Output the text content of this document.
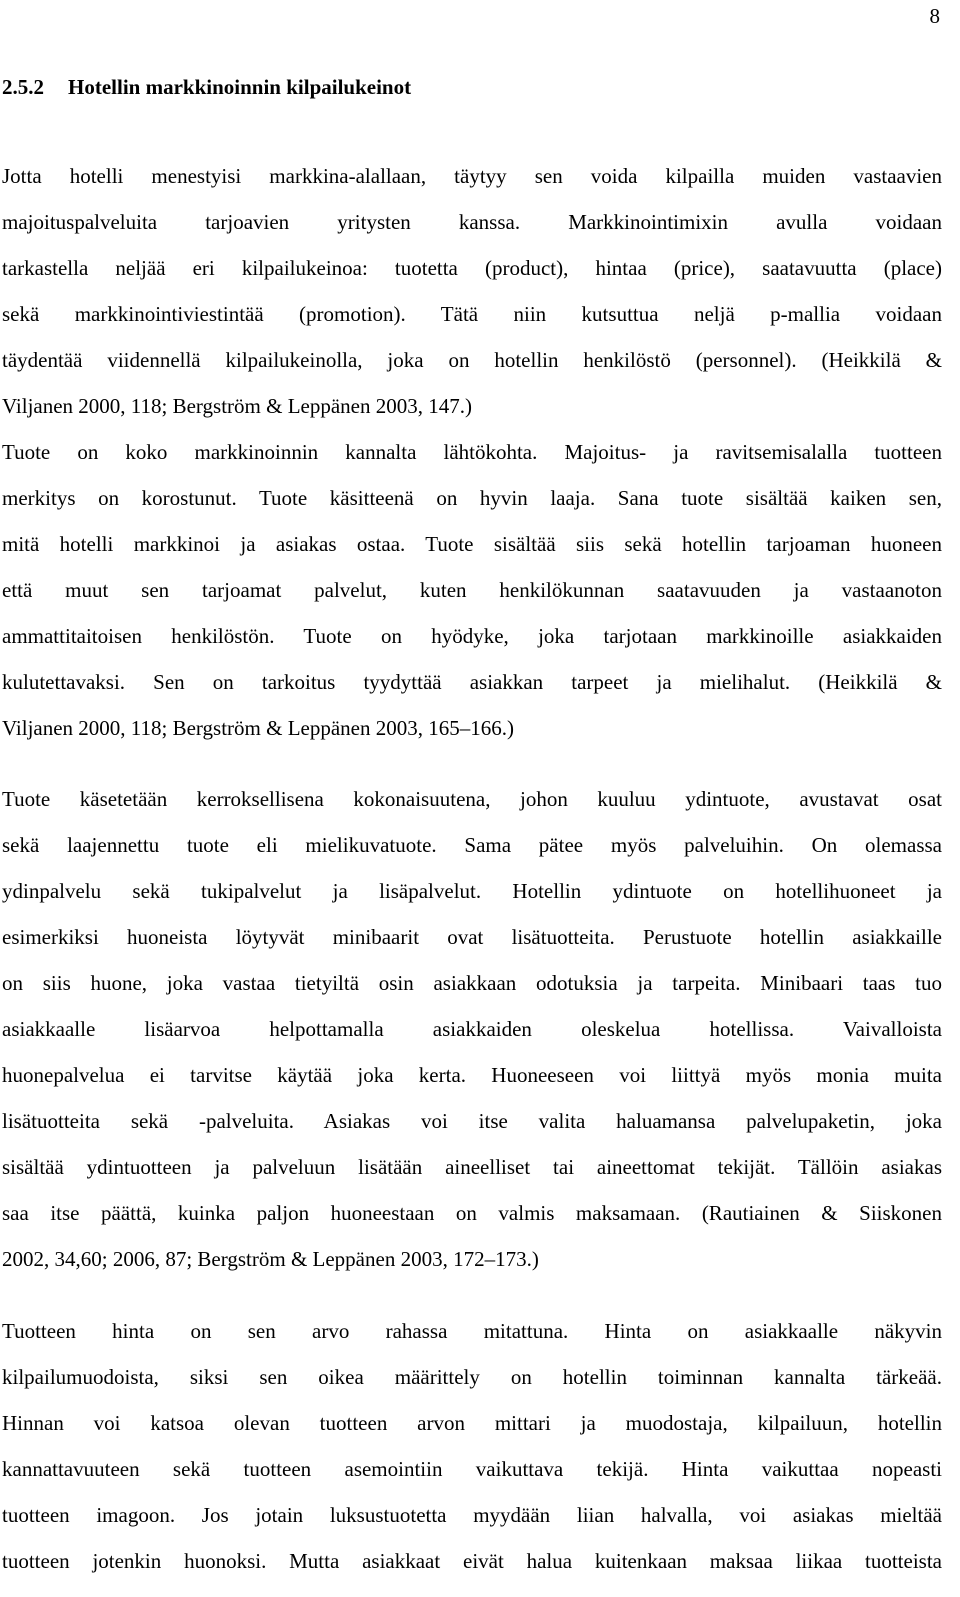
8
2.5.2 Hotellin markkinoinnin kilpailukeinot
Jotta hotelli menestyisi markkina-alallaan, täytyy sen voida kilpailla muiden vastaavien
majoituspalveluita tarjoavien yritysten kanssa. Markkinointimixin avulla voidaan
tarkastella neljää eri kilpailukeinoa: tuotetta (product), hintaa (price), saatavuutta (place)
sekä markkinointiviestintää (promotion). Tätä niin kutsuttua neljä p-mallia voidaan
täydentää viidennellä kilpailukeinolla, joka on hotellin henkilöstö (personnel). (Heikkilä &
Viljanen 2000, 118; Bergström & Leppänen 2003, 147.)
Tuote on koko markkinoinnin kannalta lähtökohta. Majoitus- ja ravitsemisalalla tuotteen
merkitys on korostunut. Tuote käsitteenä on hyvin laaja. Sana tuote sisältää kaiken sen,
mitä hotelli markkinoi ja asiakas ostaa. Tuote sisältää siis sekä hotellin tarjoaman huoneen
että muut sen tarjoamat palvelut, kuten henkilökunnan saatavuuden ja vastaanoton
ammattitaitoisen henkilöstön. Tuote on hyödyke, joka tarjotaan markkinoille asiakkaiden
kulutettavaksi. Sen on tarkoitus tyydyttää asiakkan tarpeet ja mielihalut. (Heikkilä &
Viljanen 2000, 118; Bergström & Leppänen 2003, 165–166.)
Tuote käsetetään kerroksellisena kokonaisuutena, johon kuuluu ydintuote, avustavat osat
sekä laajennettu tuote eli mielikuvatuote. Sama pätee myös palveluihin. On olemassa
ydinpalvelu sekä tukipalvelut ja lisäpalvelut. Hotellin ydintuote on hotellihuoneet ja
esimerkiksi huoneista löytyvät minibaarit ovat lisätuotteita. Perustuote hotellin asiakkaille
on siis huone, joka vastaa tietyiltä osin asiakkaan odotuksia ja tarpeita. Minibaari taas tuo
asiakkaalle lisäarvoa helpottamalla asiakkaiden oleskelua hotellissa. Vaivalloista
huonepalvelua ei tarvitse käytää joka kerta. Huoneeseen voi liittyä myös monia muita
lisätuotteita sekä -palveluita. Asiakas voi itse valita haluamansa palvelupaketin, joka
sisältää ydintuotteen ja palveluun lisätään aineelliset tai aineettomat tekijät. Tällöin asiakas
saa itse päättä, kuinka paljon huoneestaan on valmis maksamaan. (Rautiainen & Siiskonen
2002, 34,60; 2006, 87; Bergström & Leppänen 2003, 172–173.)
Tuotteen hinta on sen arvo rahassa mitattuna. Hinta on asiakkaalle näkyvin
kilpailumuodoista, siksi sen oikea määrittely on hotellin toiminnan kannalta tärkeää.
Hinnan voi katsoa olevan tuotteen arvon mittari ja muodostaja, kilpailuun, hotellin
kannattavuuteen sekä tuotteen asemointiin vaikuttava tekijä. Hinta vaikuttaa nopeasti
tuotteen imagoon. Jos jotain luksustuotetta myydään liian halvalla, voi asiakas mieltää
tuotteen jotenkin huonoksi. Mutta asiakkaat eivät halua kuitenkaan maksaa liikaa tuotteista
